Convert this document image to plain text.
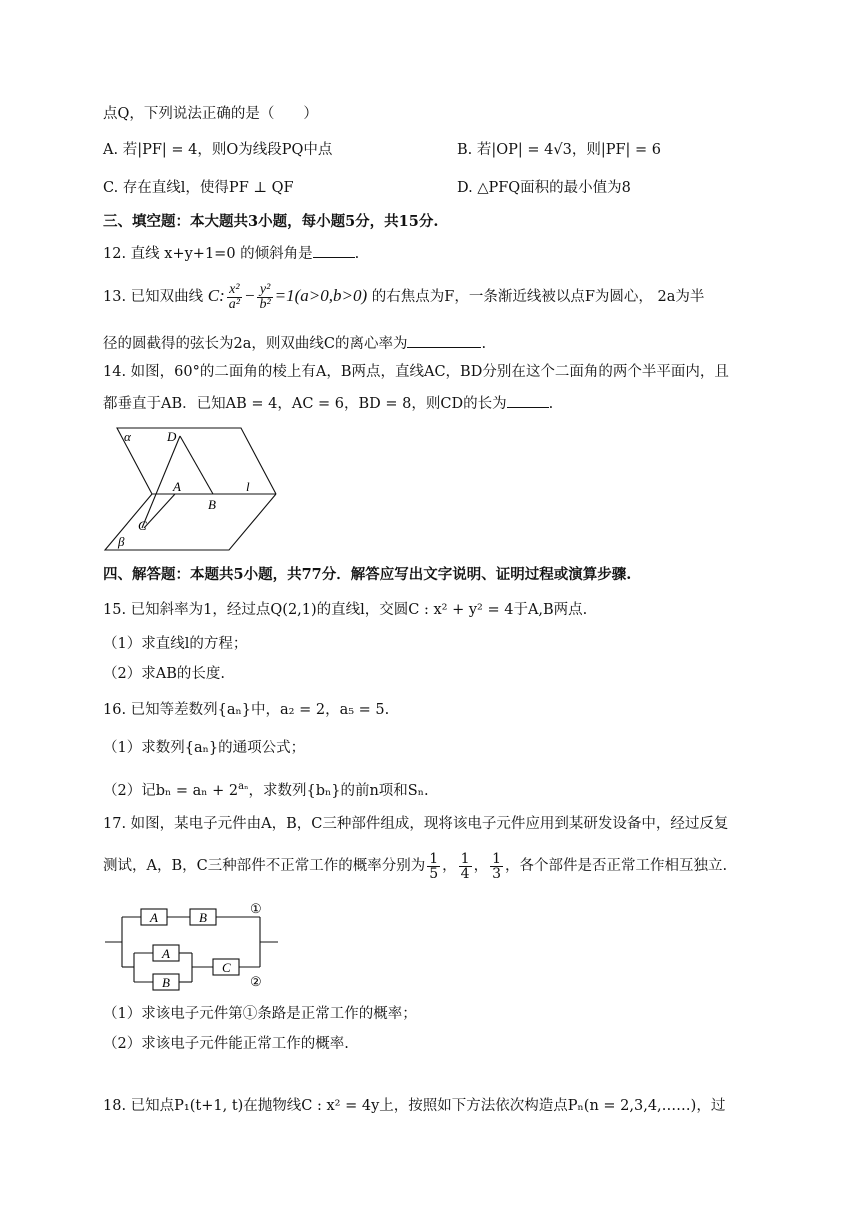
点Q，下列说法正确的是（　　）
A. 若|PF| = 4，则O为线段PQ中点	B. 若|OP| = 4√3，则|PF| = 6
C. 存在直线l，使得PF ⊥ QF	D. △PFQ面积的最小值为8
三、填空题：本大题共3小题，每小题5分，共15分.
12. 直线 x+y+1=0 的倾斜角是	.
13. 已知双曲线 C: $\frac{\text{x²}}{\text{a²}} - \frac{\text{y²}}{\text{b²}} =1(a>0,b>0)$ 的右焦点为F，一条渐近线被以点F为圆心， 2a为半
径的圆截得的弦长为2a，则双曲线C的离心率为	.
14. 如图，60°的二面角的棱上有A，B两点，直线AC，BD分别在这个二面角的两个半平面内，且
都垂直于AB．已知AB = 4，AC = 6，BD = 8，则CD的长为	.
α	D
A
B
l
C
β
四、解答题：本题共5小题，共77分．解答应写出文字说明、证明过程或演算步骤.
15. 已知斜率为1，经过点Q(2,1)的直线l，交圆C : x² + y² = 4于A,B两点.
（1）求直线l的方程；
（2）求AB的长度.
16. 已知等差数列{aₙ}中，a₂ = 2，a₅ = 5.
（1）求数列{aₙ}的通项公式；
（2）记$b_n = a_n + 2^{a_n}$，求数列{bₙ}的前n项和Sₙ.
17. 如图，某电子元件由A，B，C三种部件组成，现将该电子元件应用到某研发设备中，经过反复
测试，A，B，C三种部件不正常工作的概率分别为 $\frac{1}{5}$ ， $\frac{1}{4}$ ， $\frac{1}{3}$ ，各个部件是否正常工作相互独立.
A	B
A
B
C
①
②
（1）求该电子元件第①条路是正常工作的概率；
（2）求该电子元件能正常工作的概率.
18. 已知点P₁(t+1, t)在抛物线C : x² = 4y上，按照如下方法依次构造点Pₙ(n = 2,3,4,……)，过
